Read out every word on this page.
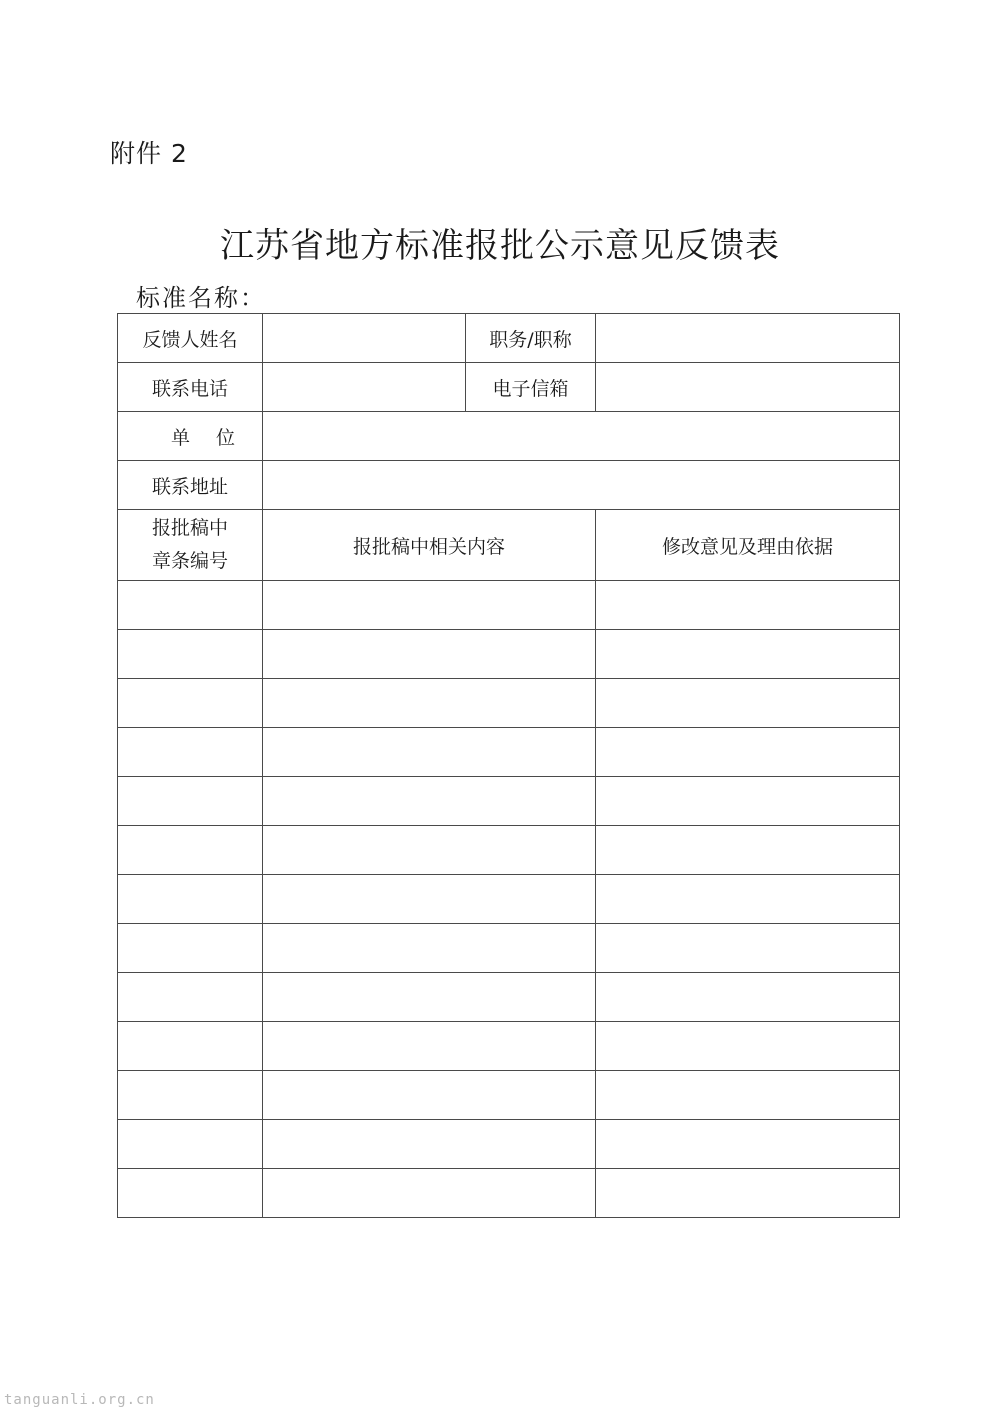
附件 2
江苏省地方标准报批公示意见反馈表
标准名称：
反馈人姓名		职务/职称	
联系电话		电子信箱	
单 位			
联系地址			
报批稿中
章条编号	报批稿中相关内容		修改意见及理由依据

tanguanli.org.cn
